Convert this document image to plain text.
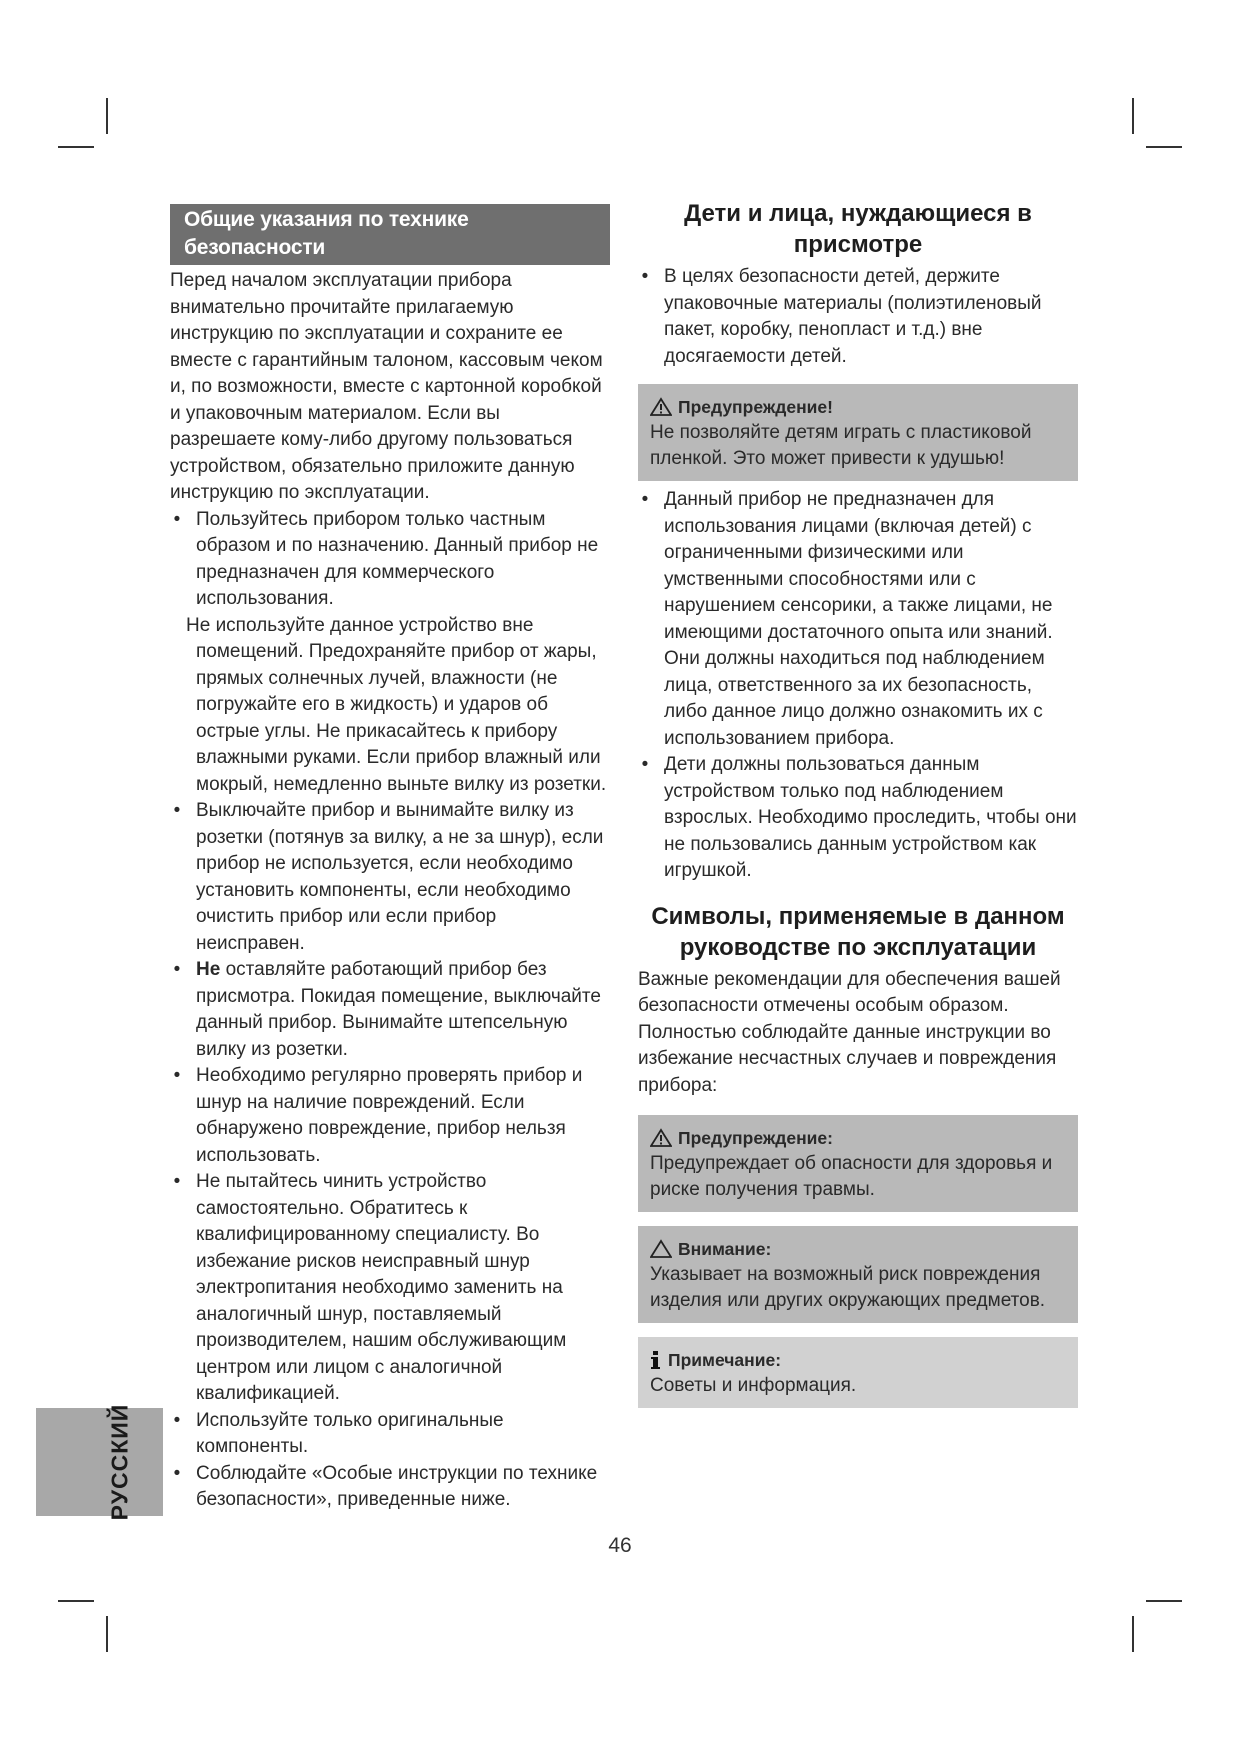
Общие указания по технике безопасности

Перед началом эксплуатации прибора внимательно прочитайте прилагаемую инструкцию по эксплуатации и сохраните ее вместе с гарантийным талоном, кассовым чеком и, по возможности, вместе с картонной коробкой и упаковочным материалом. Если вы разрешаете кому-либо другому пользоваться устройством, обязательно приложите данную инструкцию по эксплуатации.

• Пользуйтесь прибором только частным образом и по назначению. Данный прибор не предназначен для коммерческого использования.
Не используйте данное устройство вне помещений. Предохраняйте прибор от жары, прямых солнечных лучей, влажности (не погружайте его в жидкость) и ударов об острые углы. Не прикасайтесь к прибору влажными руками. Если прибор влажный или мокрый, немедленно выньте вилку из розетки.
• Выключайте прибор и вынимайте вилку из розетки (потянув за вилку, а не за шнур), если прибор не используется, если необходимо установить компоненты, если необходимо очистить прибор или если прибор неисправен.
• Не оставляйте работающий прибор без присмотра. Покидая помещение, выключайте данный прибор. Вынимайте штепсельную вилку из розетки.
• Необходимо регулярно проверять прибор и шнур на наличие повреждений. Если обнаружено повреждение, прибор нельзя использовать.
• Не пытайтесь чинить устройство самостоятельно. Обратитесь к квалифицированному специалисту. Во избежание рисков неисправный шнур электропитания необходимо заменить на аналогичный шнур, поставляемый производителем, нашим обслуживающим центром или лицом с аналогичной квалификацией.
• Используйте только оригинальные компоненты.
• Соблюдайте «Особые инструкции по технике безопасности», приведенные ниже.
Дети и лица, нуждающиеся в присмотре
• В целях безопасности детей, держите упаковочные материалы (полиэтиленовый пакет, коробку, пенопласт и т.д.) вне досягаемости детей.
Предупреждение!
Не позволяйте детям играть с пластиковой пленкой. Это может привести к удушью!
• Данный прибор не предназначен для использования лицами (включая детей) с ограниченными физическими или умственными способностями или с нарушением сенсорики, а также лицами, не имеющими достаточного опыта или знаний. Они должны находиться под наблюдением лица, ответственного за их безопасность, либо данное лицо должно ознакомить их с использованием прибора.
• Дети должны пользоваться данным устройством только под наблюдением взрослых. Необходимо проследить, чтобы они не пользовались данным устройством как игрушкой.
Символы, применяемые в данном руководстве по эксплуатации

Важные рекомендации для обеспечения вашей безопасности отмечены особым образом. Полностью соблюдайте данные инструкции во избежание несчастных случаев и повреждения прибора:

Предупреждение:
Предупреждает об опасности для здоровья и риске получения травмы.
Внимание:
Указывает на возможный риск повреждения изделия или других окружающих предметов.
Примечание:
Советы и информация.
РУССКИЙ
46
